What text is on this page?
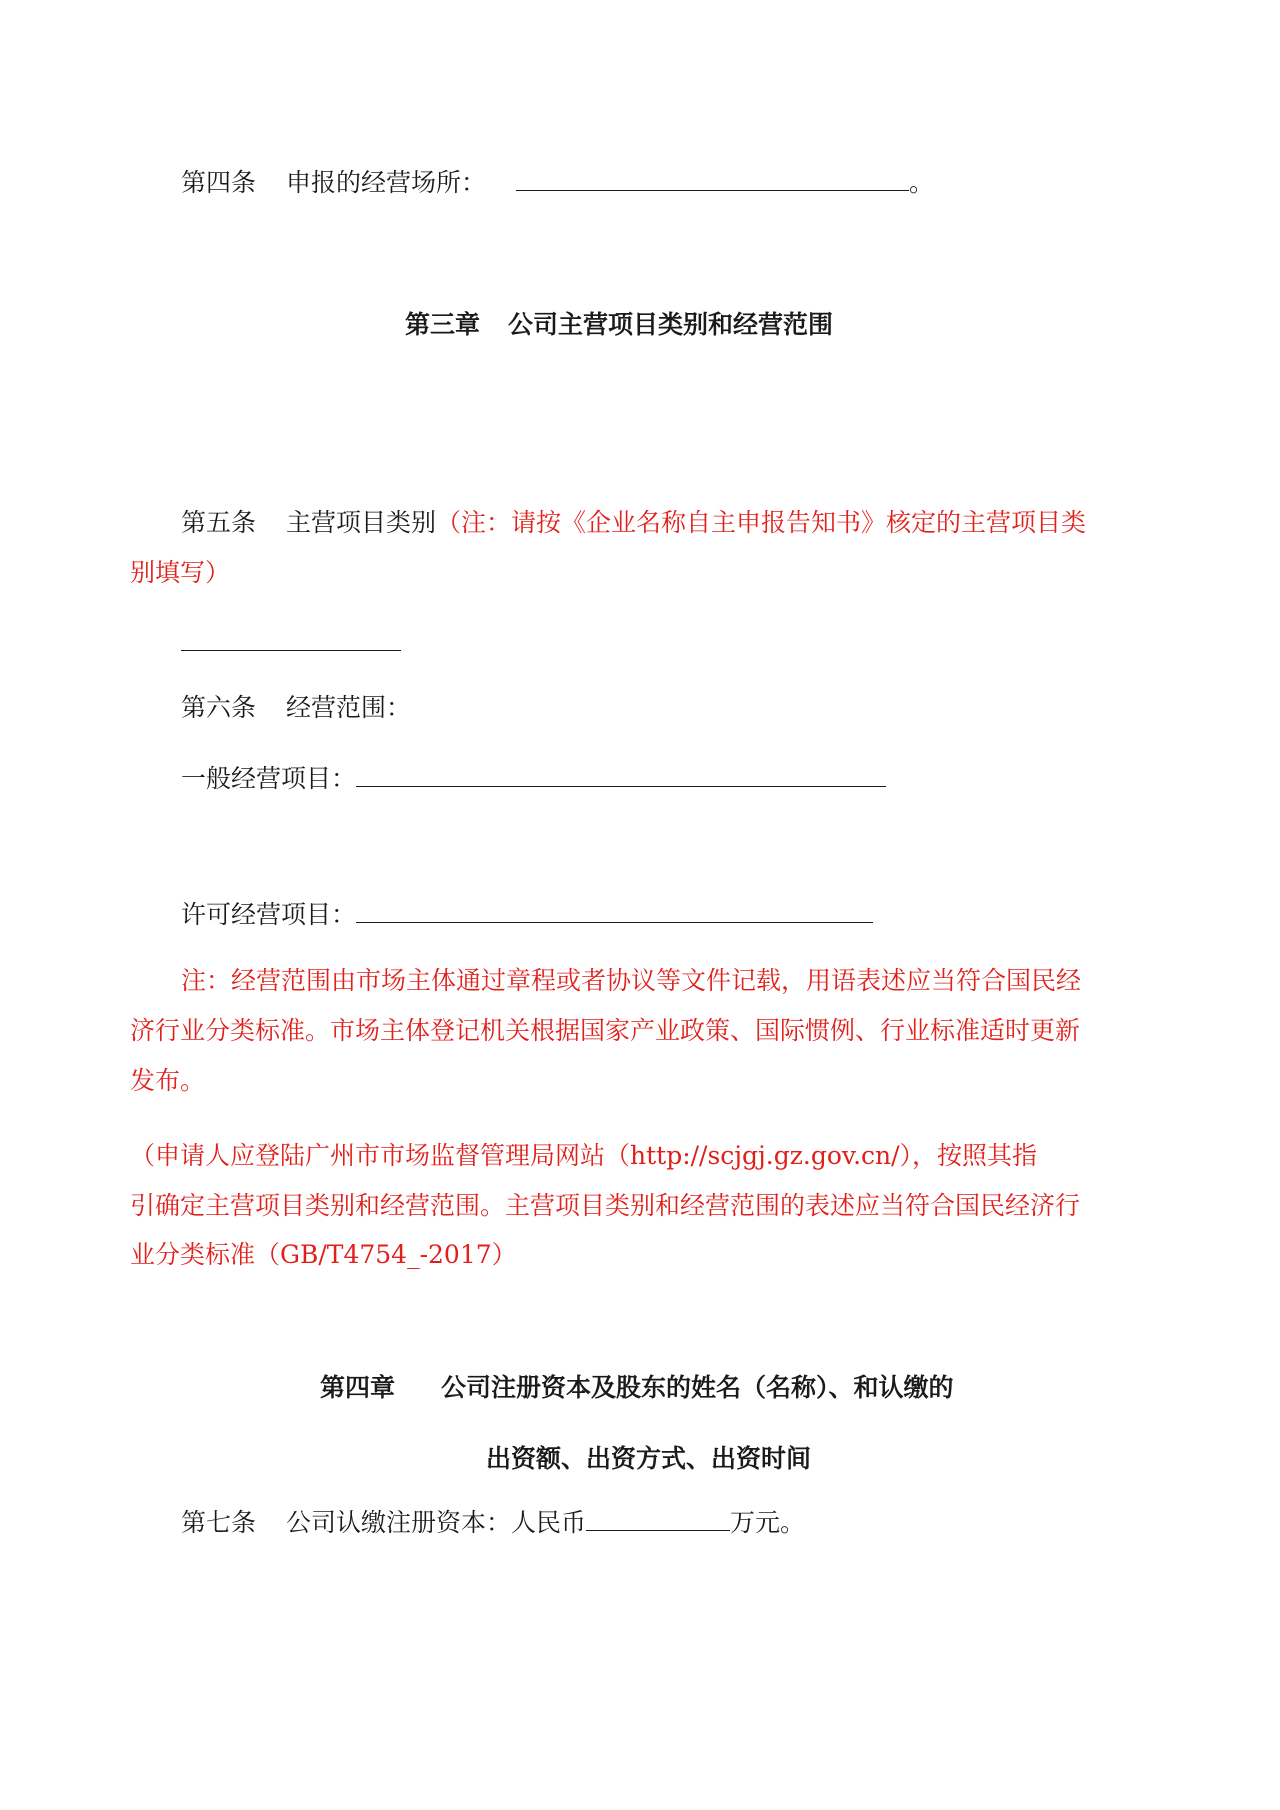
第四条 申报的经营场所：	。
第三章 公司主营项目类别和经营范围
第五条 主营项目类别（注：请按《企业名称自主申报告知书》核定的主营项目类
别填写）
第六条 经营范围：
一般经营项目：
许可经营项目：
注：经营范围由市场主体通过章程或者协议等文件记载，用语表述应当符合国民经
济行业分类标准。市场主体登记机关根据国家产业政策、国际惯例、行业标准适时更新
发布。
（申请人应登陆广州市市场监督管理局网站（http://scjgj.gz.gov.cn/），按照其指
引确定主营项目类别和经营范围。主营项目类别和经营范围的表述应当符合国民经济行
业分类标准（GB/T4754_-2017）
第四章 公司注册资本及股东的姓名（名称）、和认缴的
出资额、出资方式、出资时间
第七条 公司认缴注册资本：人民币	万元。
